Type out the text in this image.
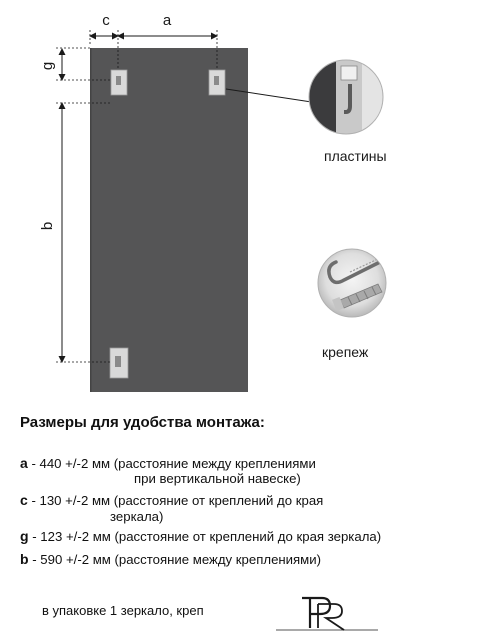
c	a
g
b
пластины
крепеж
Размеры для удобства монтажа:
a - 440 +/-2 мм (расстояние между креплениями
при вертикальной навеске)
c - 130 +/-2 мм (расстояние от креплений до края
зеркала)
g - 123 +/-2 мм (расстояние от креплений до края зеркала)
b - 590 +/-2 мм (расстояние между креплениями)
в упаковке 1 зеркало, креп
